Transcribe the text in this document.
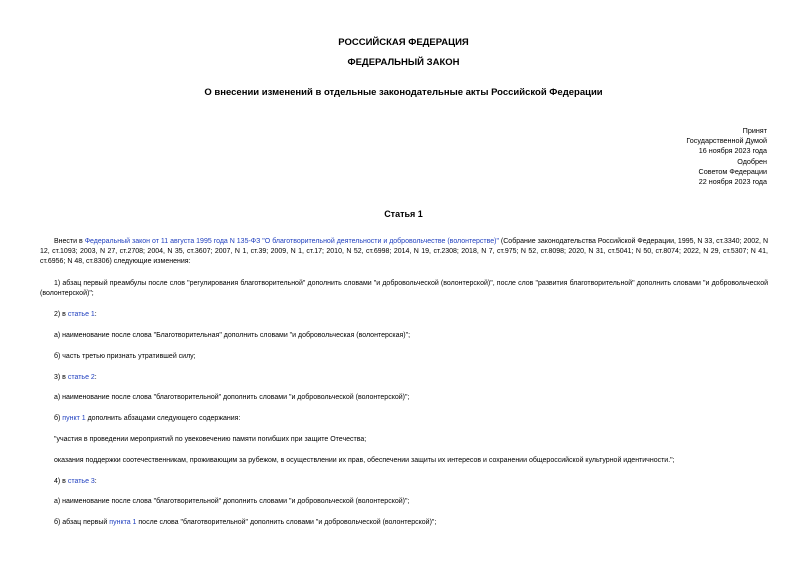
РОССИЙСКАЯ ФЕДЕРАЦИЯ
ФЕДЕРАЛЬНЫЙ ЗАКОН
О внесении изменений в отдельные законодательные акты Российской Федерации
Принят
Государственной Думой
16 ноября 2023 года
Одобрен
Советом Федерации
22 ноября 2023 года
Статья 1
Внести в Федеральный закон от 11 августа 1995 года N 135-ФЗ "О благотворительной деятельности и добровольчестве (волонтерстве)" (Собрание законодательства Российской Федерации, 1995, N 33, ст.3340; 2002, N 12, ст.1093; 2003, N 27, ст.2708; 2004, N 35, ст.3607; 2007, N 1, ст.39; 2009, N 1, ст.17; 2010, N 52, ст.6998; 2014, N 19, ст.2308; 2018, N 7, ст.975; N 52, ст.8098; 2020, N 31, ст.5041; N 50, ст.8074; 2022, N 29, ст.5307; N 41, ст.6956; N 48, ст.8306) следующие изменения:
1) абзац первый преамбулы после слов "регулирования благотворительной" дополнить словами "и добровольческой (волонтерской)", после слов "развития благотворительной" дополнить словами "и добровольческой (волонтерской)";
2) в статье 1:
а) наименование после слова "Благотворительная" дополнить словами "и добровольческая (волонтерская)";
б) часть третью признать утратившей силу;
3) в статье 2:
а) наименование после слова "благотворительной" дополнить словами "и добровольческой (волонтерской)";
б) пункт 1 дополнить абзацами следующего содержания:
"участия в проведении мероприятий по увековечению памяти погибших при защите Отечества;
оказания поддержки соотечественникам, проживающим за рубежом, в осуществлении их прав, обеспечении защиты их интересов и сохранении общероссийской культурной идентичности.";
4) в статье 3:
а) наименование после слова "благотворительной" дополнить словами "и добровольческой (волонтерской)";
б) абзац первый пункта 1 после слова "благотворительной" дополнить словами "и добровольческой (волонтерской)";
